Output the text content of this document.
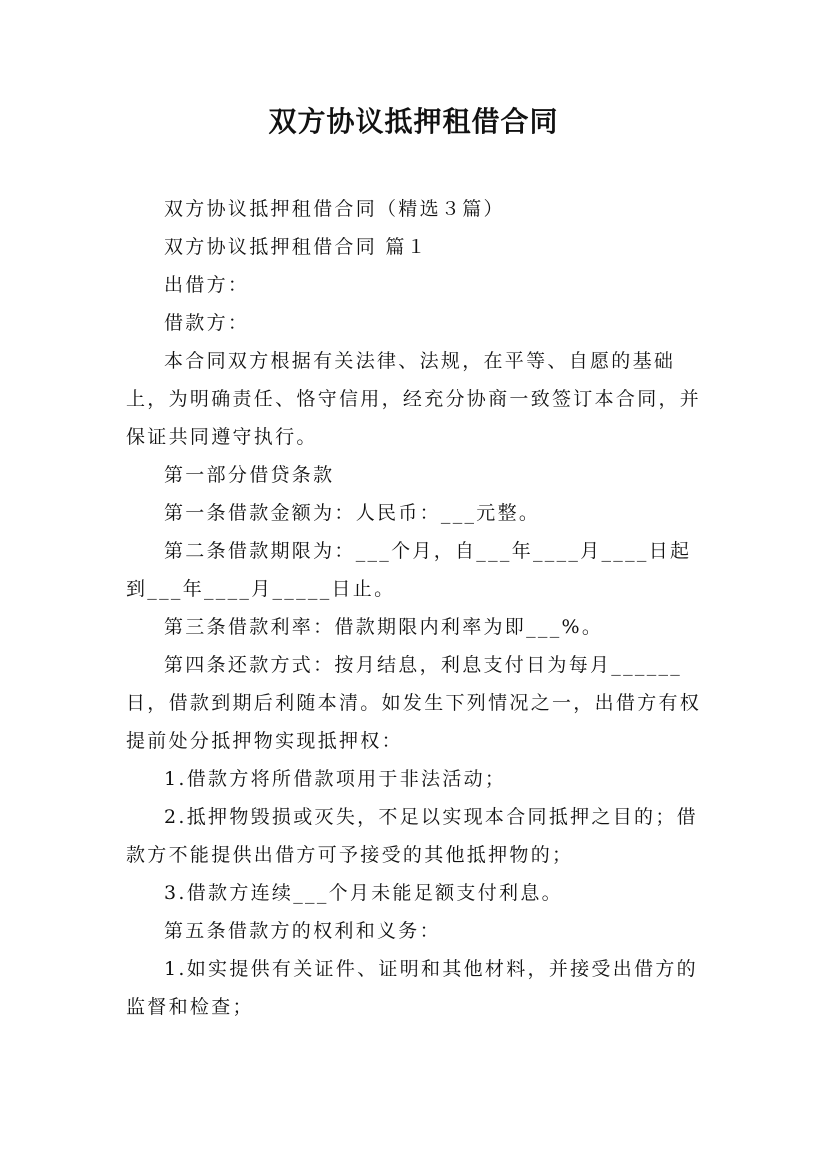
双方协议抵押租借合同

双方协议抵押租借合同（精选３篇）

双方协议抵押租借合同 篇１

出借方：

借款方：

本合同双方根据有关法律、法规，在平等、自愿的基础上，为明确责任、恪守信用，经充分协商一致签订本合同，并保证共同遵守执行。

第一部分借贷条款

第一条借款金额为：人民币：___元整。

第二条借款期限为：___个月，自___年____月____日起到___年____月_____日止。

第三条借款利率：借款期限内利率为即___%。

第四条还款方式：按月结息，利息支付日为每月______日，借款到期后利随本清。如发生下列情况之一，出借方有权提前处分抵押物实现抵押权：

1.借款方将所借款项用于非法活动；

2.抵押物毁损或灭失，不足以实现本合同抵押之目的；借款方不能提供出借方可予接受的其他抵押物的；

3.借款方连续___个月未能足额支付利息。

第五条借款方的权利和义务：

1.如实提供有关证件、证明和其他材料，并接受出借方的监督和检查；
